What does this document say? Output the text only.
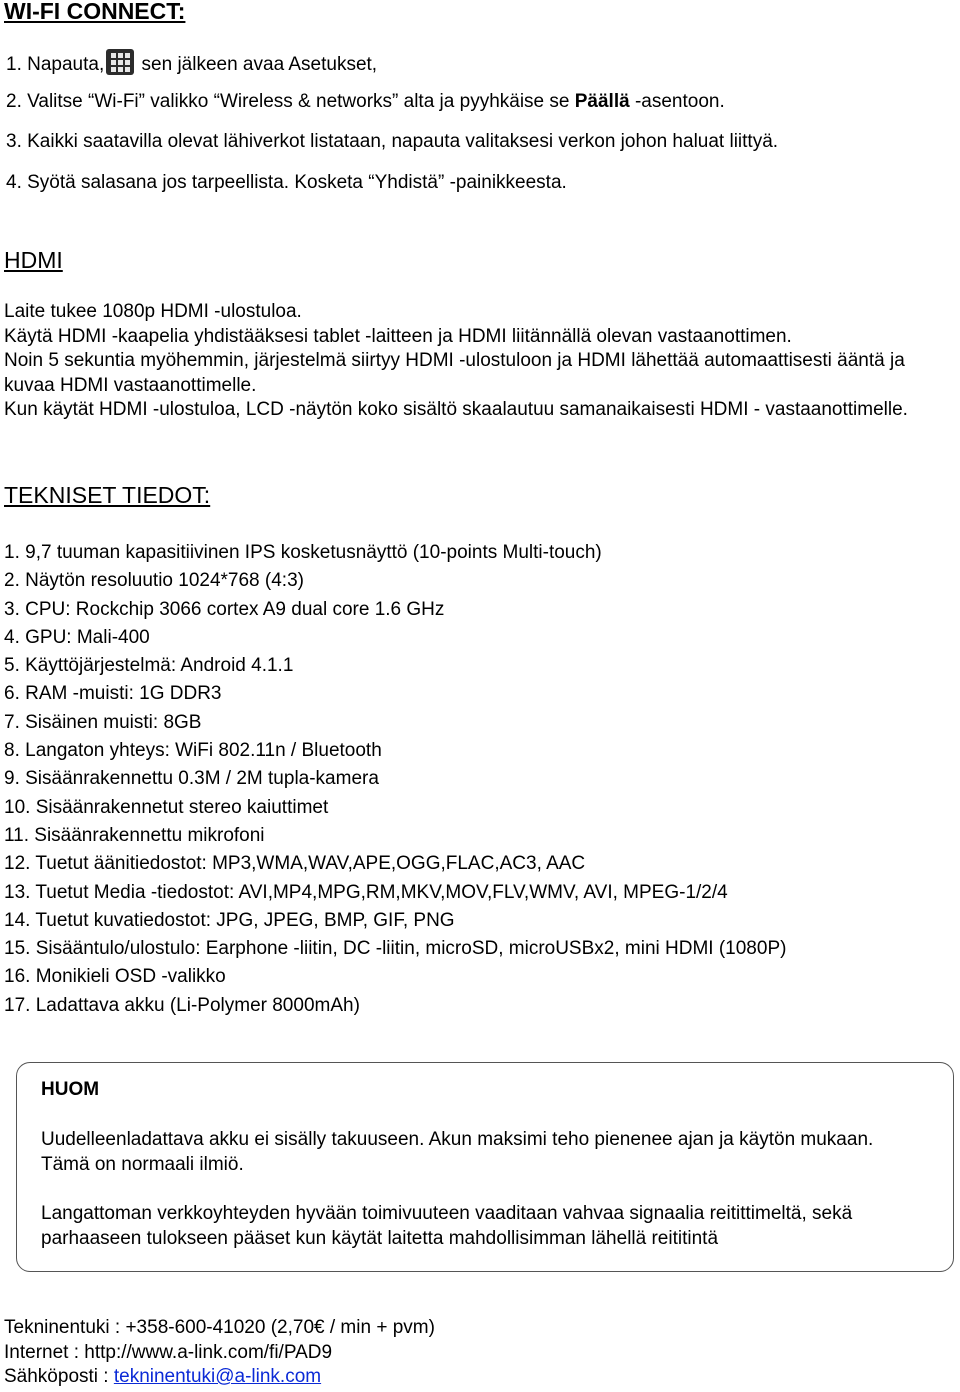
WI-FI CONNECT:
1. Napauta,
sen jälkeen avaa Asetukset,
2. Valitse “Wi-Fi” valikko “Wireless & networks” alta ja pyyhkäise se Päällä -asentoon.
3. Kaikki saatavilla olevat lähiverkot listataan, napauta valitaksesi verkon johon haluat liittyä.
4. Syötä salasana jos tarpeellista. Kosketa “Yhdistä” -painikkeesta.
HDMI

Laite tukee 1080p HDMI -ulostuloa.

Käytä HDMI -kaapelia yhdistääksesi tablet -laitteen ja HDMI liitännällä olevan vastaanottimen.

Noin 5 sekuntia myöhemmin, järjestelmä siirtyy HDMI -ulostuloon ja HDMI lähettää automaattisesti ääntä ja kuvaa HDMI vastaanottimelle.

Kun käytät HDMI -ulostuloa, LCD -näytön koko sisältö skaalautuu samanaikaisesti HDMI - vastaanottimelle.

TEKNISET TIEDOT:
1. 9,7 tuuman kapasitiivinen IPS kosketusnäyttö (10-points Multi-touch)
2. Näytön resoluutio 1024*768 (4:3)
3. CPU: Rockchip 3066 cortex A9 dual core 1.6 GHz
4. GPU: Mali-400
5. Käyttöjärjestelmä: Android 4.1.1
6. RAM -muisti: 1G DDR3
7. Sisäinen muisti: 8GB
8. Langaton yhteys: WiFi 802.11n / Bluetooth
9. Sisäänrakennettu 0.3M / 2M tupla-kamera
10. Sisäänrakennetut stereo kaiuttimet
11. Sisäänrakennettu mikrofoni
12. Tuetut äänitiedostot: MP3,WMA,WAV,APE,OGG,FLAC,AC3, AAC
13. Tuetut Media -tiedostot: AVI,MP4,MPG,RM,MKV,MOV,FLV,WMV, AVI, MPEG-1/2/4
14. Tuetut kuvatiedostot: JPG, JPEG, BMP, GIF, PNG
15. Sisääntulo/ulostulo: Earphone -liitin, DC -liitin, microSD, microUSBx2, mini HDMI (1080P)
16. Monikieli OSD -valikko
17. Ladattava akku (Li-Polymer 8000mAh)
HUOM
Uudelleenladattava akku ei sisälly takuuseen. Akun maksimi teho pienenee ajan ja käytön mukaan. Tämä on normaali ilmiö.
Langattoman verkkoyhteyden hyvään toimivuuteen vaaditaan vahvaa signaalia reitittimeltä, sekä parhaaseen tulokseen pääset kun käytät laitetta mahdollisimman lähellä reititintä
Tekninentuki : +358-600-41020 (2,70€ / min + pvm)
Internet : http://www.a-link.com/fi/PAD9
Sähköposti : tekninentuki@a-link.com
